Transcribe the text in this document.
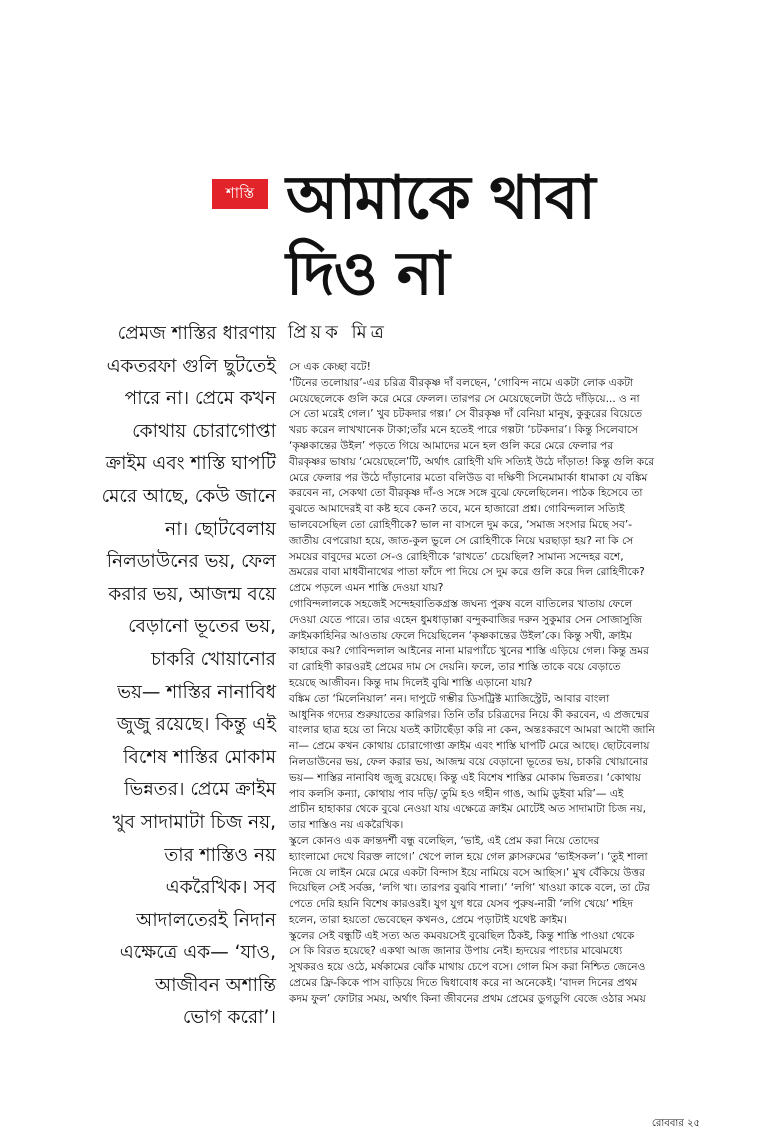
শাস্তি আমাকে থাবা
দিও না
প্রিয়ক মিত্র

প্রেমজ শাস্তির ধারণায়
একতরফা গুলি ছুটতেই
পারে না। প্রেমে কখন
কোথায় চোরাগোপ্তা
ক্রাইম এবং শাস্তি ঘাপটি
মেরে আছে, কেউ জানে
না। ছোটবেলায়
নিলডাউনের ভয়, ফেল
করার ভয়, আজন্ম বয়ে
বেড়ানো ভূতের ভয়,
চাকরি খোয়ানোর
ভয়— শাস্তির নানাবিধ
জুজু রয়েছে। কিন্তু এই
বিশেষ শাস্তির মোকাম
ভিন্নতর। প্রেমে ক্রাইম
খুব সাদামাটা চিজ নয়,
তার শাস্তিও নয়
একরৈখিক। সব
আদালতেরই নিদান
এক্ষেত্রে এক— ‘যাও,
আজীবন অশান্তি
ভোগ করো’।

সে এক কেচ্ছা বটে!

‘টিনের তলোয়ার’-এর চরিত্র বীরকৃষ্ণ দাঁ বলছেন, ‘গোবিন্দ নামে একটা লোক একটা
মেয়েছেলেকে গুলি করে মেরে ফেলল। তারপর সে মেয়েছেলেটা উঠে দাঁড়িয়ে... ও না
সে তো মরেই গেল।’ খুব চটকদার গল্প।’ সে বীরকৃষ্ণ দাঁ বেনিয়া মানুষ, কুকুরের বিয়েতে
খরচ করেন লাখখানেক টাকা;তাঁর মনে হতেই পারে গল্পটা ‘চটকদার’। কিন্তু সিলেবাসে
‘কৃষ্ণকান্তের উইল’ পড়তে গিয়ে আমাদের মনে হল গুলি করে মেরে ফেলার পর
বীরকৃষ্ণর ভাষায় ‘মেয়েছেলে’টি, অর্থাৎ রোহিণী যদি সত্যিই উঠে দাঁড়াত! কিন্তু গুলি করে
মেরে ফেলার পর উঠে দাঁড়ানোর মতো বলিউড বা দক্ষিণী সিনেমামার্কা ধামাকা যে বঙ্কিম
করবেন না, সেকথা তো বীরকৃষ্ণ দাঁ-ও সঙ্গে সঙ্গে বুঝে ফেলেছিলেন। পাঠক হিসেবে তা
বুঝতে আমাদেরই বা কষ্ট হবে কেন? তবে, মনে হাজারো প্রশ্ন। গোবিন্দলাল সত্যিই
ভালবেসেছিল তো রোহিণীকে? ভাল না বাসলে দুম করে, ‘সমাজ সংসার মিছে সব’-
জাতীয় বেপরোয়া হয়ে, জাত-কুল ভুলে সে রোহিণীকে নিয়ে ঘরছাড়া হয়? না কি সে
সময়ের বাবুদের মতো সে-ও রোহিণীকে ‘রাখতে’ চেয়েছিল? সামান্য সন্দেহর বশে,
ভ্রমরের বাবা মাধবীনাথের পাতা ফাঁদে পা দিয়ে সে দুম করে গুলি করে দিল রোহিণীকে?
প্রেমে পড়লে এমন শাস্তি দেওয়া যায়?

গোবিন্দলালকে সহজেই সন্দেহবাতিকগ্রস্ত জঘন্য পুরুষ বলে বাতিলের খাতায় ফেলে
দেওয়া যেতে পারে। তার এহেন ধুমধাড়াক্কা বন্দুকবাজির দরুন সুকুমার সেন সোজাসুজি
ক্রাইমকাহিনির আওতায় ফেলে দিয়েছিলেন ‘কৃষ্ণকান্তের উইল’কে। কিন্তু সখী, ক্রাইম
কাহারে কয়? গোবিন্দলাল আইনের নানা মারপ্যাঁচে খুনের শাস্তি এড়িয়ে গেল। কিন্তু ভ্রমর
বা রোহিণী কারওরই প্রেমের দাম সে দেয়নি। ফলে, তার শাস্তি তাকে বয়ে বেড়াতে
হয়েছে আজীবন। কিন্তু দাম দিলেই বুঝি শাস্তি এড়ানো যায়?

বঙ্কিম তো ‘মিলেনিয়াল’ নন। দাপুটে গম্ভীর ডিসট্রিক্ট ম্যাজিস্ট্রেট, আবার বাংলা
আধুনিক গদ্যের শুরুয়াতের কারিগর। তিনি তাঁর চরিত্রদের নিয়ে কী করবেন, এ প্রজন্মের
বাংলার ছাত্র হয়ে তা নিয়ে যতই কাটাছেঁড়া করি না কেন, অন্তঃকরণে আমরা আদৌ জানি
না— প্রেমে কখন কোথায় চোরাগোপ্তা ক্রাইম এবং শাস্তি ঘাপটি মেরে আছে। ছোটবেলায়
নিলডাউনের ভয়, ফেল করার ভয়, আজন্ম বয়ে বেড়ানো ভূতের ভয়, চাকরি খোয়ানোর
ভয়— শাস্তির নানাবিধ জুজু রয়েছে। কিন্তু এই বিশেষ শাস্তির মোকাম ভিন্নতর। ‘কোথায়
পাব কলসি কন্যা, কোথায় পাব দড়ি/ তুমি হও গহীন গাঙ, আমি ডুইবা মরি’— এই
প্রাচীন হাহাকার থেকে বুঝে নেওয়া যায় এক্ষেত্রে ক্রাইম মোটেই অত সাদামাটা চিজ নয়,
তার শাস্তিও নয় একরৈখিক।

স্কুলে কোনও এক ক্রান্তদর্শী বন্ধু বলেছিল, ‘ভাই, এই প্রেম করা নিয়ে তোদের
হ্যাংলামো দেখে বিরক্ত লাগে।’ খেপে লাল হয়ে গেল ক্লাসরুমের ‘ভাইসকল’। ‘তুই শালা
নিজে যে লাইন মেরে মেরে একটা বিন্দাস ইয়ে নামিয়ে বসে আছিস।’ মুখ বেঁকিয়ে উত্তর
দিয়েছিল সেই সর্বজ্ঞ, ‘লগি খা। তারপর বুঝবি শালা।’ ‘লগি’ খাওয়া কাকে বলে, তা টের
পেতে দেরি হয়নি বিশেষ কারওরই। যুগ যুগ ধরে যেসব পুরুষ-নারী ‘লগি খেয়ে’ শহিদ
হলেন, তারা হয়তো ভেবেছেন কখনও, প্রেমে পড়াটাই যথেষ্ট ক্রাইম।

স্কুলের সেই বন্ধুটি এই সত্য অত কমবয়সেই বুঝেছিল ঠিকই, কিন্তু শাস্তি পাওয়া থেকে
সে কি বিরত হয়েছে? একথা আজ জানার উপায় নেই। হৃদয়ের পাংচার মাঝেমধ্যে
সুখকরও হয়ে ওঠে, মর্ষকামের ঝোঁক মাথায় চেপে বসে। গোল মিস করা নিশ্চিত জেনেও
প্রেমের ফ্রি-কিকে পাস বাড়িয়ে দিতে দ্বিধাবোধ করে না অনেকেই। ‘বাদল দিনের প্রথম
কদম ফুল’ ফোটার সময়, অর্থাৎ কিনা জীবনের প্রথম প্রেমের ডুগডুগি বেজে ওঠার সময়

রোববার ২৫
